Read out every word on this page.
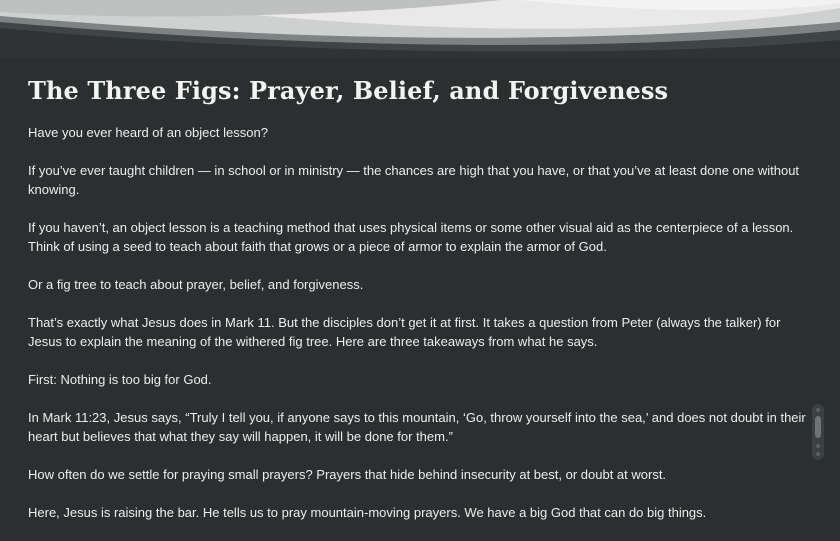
The Three Figs: Prayer, Belief, and Forgiveness

Have you ever heard of an object lesson?

If you’ve ever taught children — in school or in ministry — the chances are high that you have, or that you’ve at least done one without knowing.

If you haven’t, an object lesson is a teaching method that uses physical items or some other visual aid as the centerpiece of a lesson. Think of using a seed to teach about faith that grows or a piece of armor to explain the armor of God.

Or a fig tree to teach about prayer, belief, and forgiveness.

That’s exactly what Jesus does in Mark 11. But the disciples don’t get it at first. It takes a question from Peter (always the talker) for Jesus to explain the meaning of the withered fig tree. Here are three takeaways from what he says.

First: Nothing is too big for God.

In Mark 11:23, Jesus says, “Truly I tell you, if anyone says to this mountain, ‘Go, throw yourself into the sea,’ and does not doubt in their heart but believes that what they say will happen, it will be done for them.”

How often do we settle for praying small prayers? Prayers that hide behind insecurity at best, or doubt at worst.

Here, Jesus is raising the bar. He tells us to pray mountain-moving prayers. We have a big God that can do big things.
